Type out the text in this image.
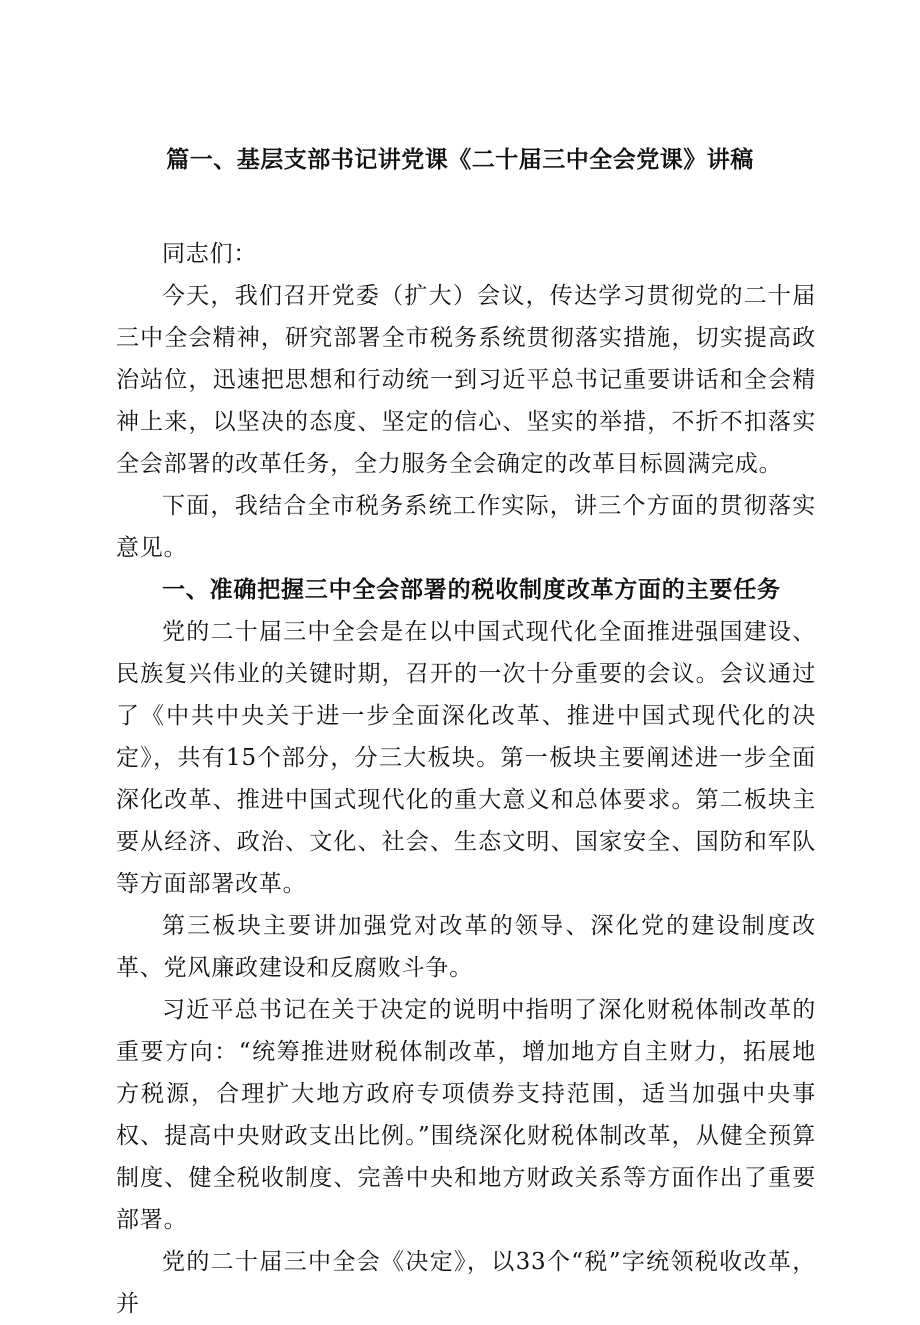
篇一、基层支部书记讲党课《二十届三中全会党课》讲稿

同志们：

今天，我们召开党委（扩大）会议，传达学习贯彻党的二十届三中全会精神，研究部署全市税务系统贯彻落实措施，切实提高政治站位，迅速把思想和行动统一到习近平总书记重要讲话和全会精神上来，以坚决的态度、坚定的信心、坚实的举措，不折不扣落实全会部署的改革任务，全力服务全会确定的改革目标圆满完成。

下面，我结合全市税务系统工作实际，讲三个方面的贯彻落实意见。

一、准确把握三中全会部署的税收制度改革方面的主要任务

党的二十届三中全会是在以中国式现代化全面推进强国建设、民族复兴伟业的关键时期，召开的一次十分重要的会议。会议通过了《中共中央关于进一步全面深化改革、推进中国式现代化的决定》，共有15个部分，分三大板块。第一板块主要阐述进一步全面深化改革、推进中国式现代化的重大意义和总体要求。第二板块主要从经济、政治、文化、社会、生态文明、国家安全、国防和军队等方面部署改革。

第三板块主要讲加强党对改革的领导、深化党的建设制度改革、党风廉政建设和反腐败斗争。

习近平总书记在关于决定的说明中指明了深化财税体制改革的重要方向：“统筹推进财税体制改革，增加地方自主财力，拓展地方税源，合理扩大地方政府专项债券支持范围，适当加强中央事权、提高中央财政支出比例。”围绕深化财税体制改革，从健全预算制度、健全税收制度、完善中央和地方财政关系等方面作出了重要部署。

党的二十届三中全会《决定》，以33个“税”字统领税收改革，并
